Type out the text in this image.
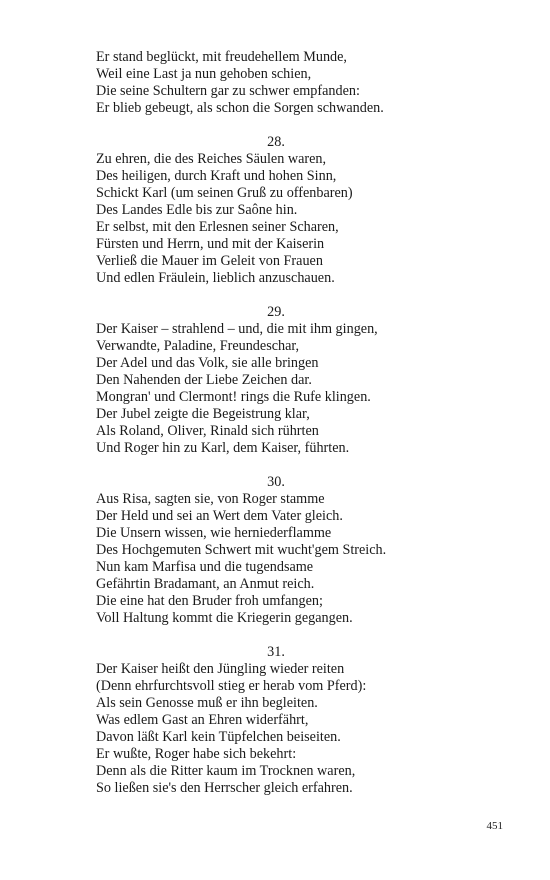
Er stand beglückt, mit freudehellem Munde,
Weil eine Last ja nun gehoben schien,
Die seine Schultern gar zu schwer empfanden:
Er blieb gebeugt, als schon die Sorgen schwanden.
28.
Zu ehren, die des Reiches Säulen waren,
Des heiligen, durch Kraft und hohen Sinn,
Schickt Karl (um seinen Gruß zu offenbaren)
Des Landes Edle bis zur Saône hin.
Er selbst, mit den Erlesnen seiner Scharen,
Fürsten und Herrn, und mit der Kaiserin
Verließ die Mauer im Geleit von Frauen
Und edlen Fräulein, lieblich anzuschauen.
29.
Der Kaiser – strahlend – und, die mit ihm gingen,
Verwandte, Paladine, Freundeschar,
Der Adel und das Volk, sie alle bringen
Den Nahenden der Liebe Zeichen dar.
Mongran' und Clermont! rings die Rufe klingen.
Der Jubel zeigte die Begeistrung klar,
Als Roland, Oliver, Rinald sich rührten
Und Roger hin zu Karl, dem Kaiser, führten.
30.
Aus Risa, sagten sie, von Roger stamme
Der Held und sei an Wert dem Vater gleich.
Die Unsern wissen, wie herniederflamme
Des Hochgemuten Schwert mit wucht'gem Streich.
Nun kam Marfisa und die tugendsame
Gefährtin Bradamant, an Anmut reich.
Die eine hat den Bruder froh umfangen;
Voll Haltung kommt die Kriegerin gegangen.
31.
Der Kaiser heißt den Jüngling wieder reiten
(Denn ehrfurchtsvoll stieg er herab vom Pferd):
Als sein Genosse muß er ihn begleiten.
Was edlem Gast an Ehren widerfährt,
Davon läßt Karl kein Tüpfelchen beiseiten.
Er wußte, Roger habe sich bekehrt:
Denn als die Ritter kaum im Trocknen waren,
So ließen sie's den Herrscher gleich erfahren.
451
